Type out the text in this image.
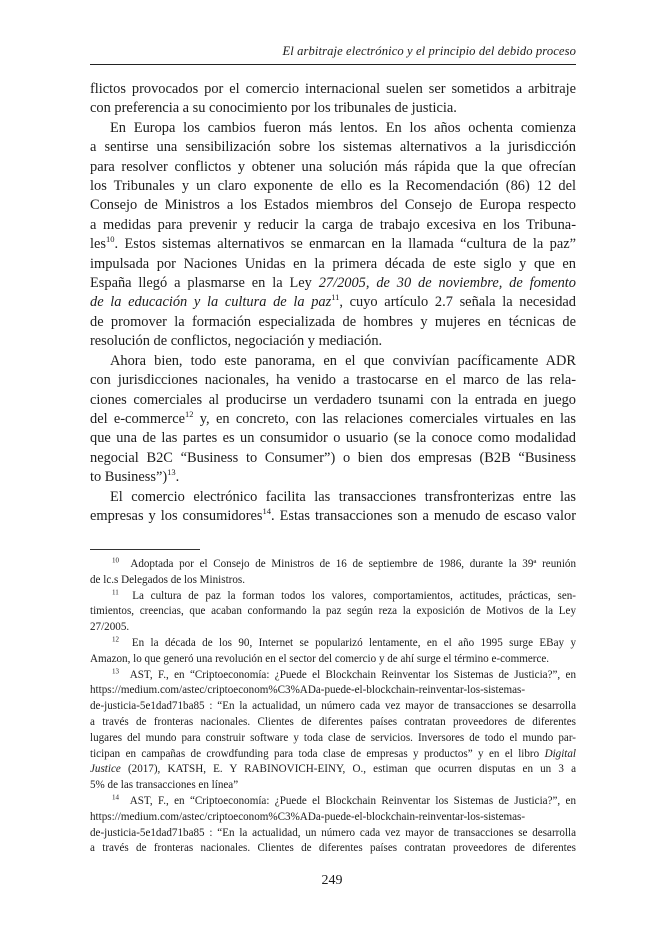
El arbitraje electrónico y el principio del debido proceso

flictos provocados por el comercio internacional suelen ser sometidos a arbitraje
con preferencia a su conocimiento por los tribunales de justicia.

En Europa los cambios fueron más lentos. En los años ochenta comienza
a sentirse una sensibilización sobre los sistemas alternativos a la jurisdicción
para resolver conflictos y obtener una solución más rápida que la que ofrecían
los Tribunales y un claro exponente de ello es la Recomendación (86) 12 del
Consejo de Ministros a los Estados miembros del Consejo de Europa respecto
a medidas para prevenir y reducir la carga de trabajo excesiva en los Tribuna-
les$^{10}$. Estos sistemas alternativos se enmarcan en la llamada “cultura de la paz”
impulsada por Naciones Unidas en la primera década de este siglo y que en
España llegó a plasmarse en la Ley 27/2005, de 30 de noviembre, de fomento
de la educación y la cultura de la paz$^{11}$, cuyo artículo 2.7 señala la necesidad
de promover la formación especializada de hombres y mujeres en técnicas de
resolución de conflictos, negociación y mediación.

Ahora bien, todo este panorama, en el que convivían pacíficamente ADR
con jurisdicciones nacionales, ha venido a trastocarse en el marco de las rela-
ciones comerciales al producirse un verdadero tsunami con la entrada en juego
del e-commerce$^{12}$ y, en concreto, con las relaciones comerciales virtuales en las
que una de las partes es un consumidor o usuario (se la conoce como modalidad
negocial B2C “Business to Consumer”) o bien dos empresas (B2B “Business
to Business”)$^{13}$.

El comercio electrónico facilita las transacciones transfronterizas entre las
empresas y los consumidores$^{14}$. Estas transacciones son a menudo de escaso valor

$^{10}$ Adoptada por el Consejo de Ministros de 16 de septiembre de 1986, durante la 39ª reunión
de lc.s Delegados de los Ministros.
$^{11}$ La cultura de paz la forman todos los valores, comportamientos, actitudes, prácticas, sen-
timientos, creencias, que acaban conformando la paz según reza la exposición de Motivos de la Ley
27/2005.
$^{12}$ En la década de los 90, Internet se popularizó lentamente, en el año 1995 surge EBay y
Amazon, lo que generó una revolución en el sector del comercio y de ahí surge el término e-commerce.
$^{13}$ AST, F., en “Criptoeconomía: ¿Puede el Blockchain Reinventar los Sistemas de Justicia?”, en
https://medium.com/astec/criptoeconom%C3%ADa-puede-el-blockchain-reinventar-los-sistemas-
de-justicia-5e1dad71ba85 : “En la actualidad, un número cada vez mayor de transacciones se desarrolla
a través de fronteras nacionales. Clientes de diferentes países contratan proveedores de diferentes
lugares del mundo para construir software y toda clase de servicios. Inversores de todo el mundo par-
ticipan en campañas de crowdfunding para toda clase de empresas y productos” y en el libro Digital
Justice (2017), KATSH, E. Y RABINOVICH-EINY, O., estiman que ocurren disputas en un 3 a
5% de las transacciones en línea”
$^{14}$ AST, F., en “Criptoeconomía: ¿Puede el Blockchain Reinventar los Sistemas de Justicia?”, en
https://medium.com/astec/criptoeconom%C3%ADa-puede-el-blockchain-reinventar-los-sistemas-
de-justicia-5e1dad71ba85 : “En la actualidad, un número cada vez mayor de transacciones se desarrolla
a través de fronteras nacionales. Clientes de diferentes países contratan proveedores de diferentes
249
